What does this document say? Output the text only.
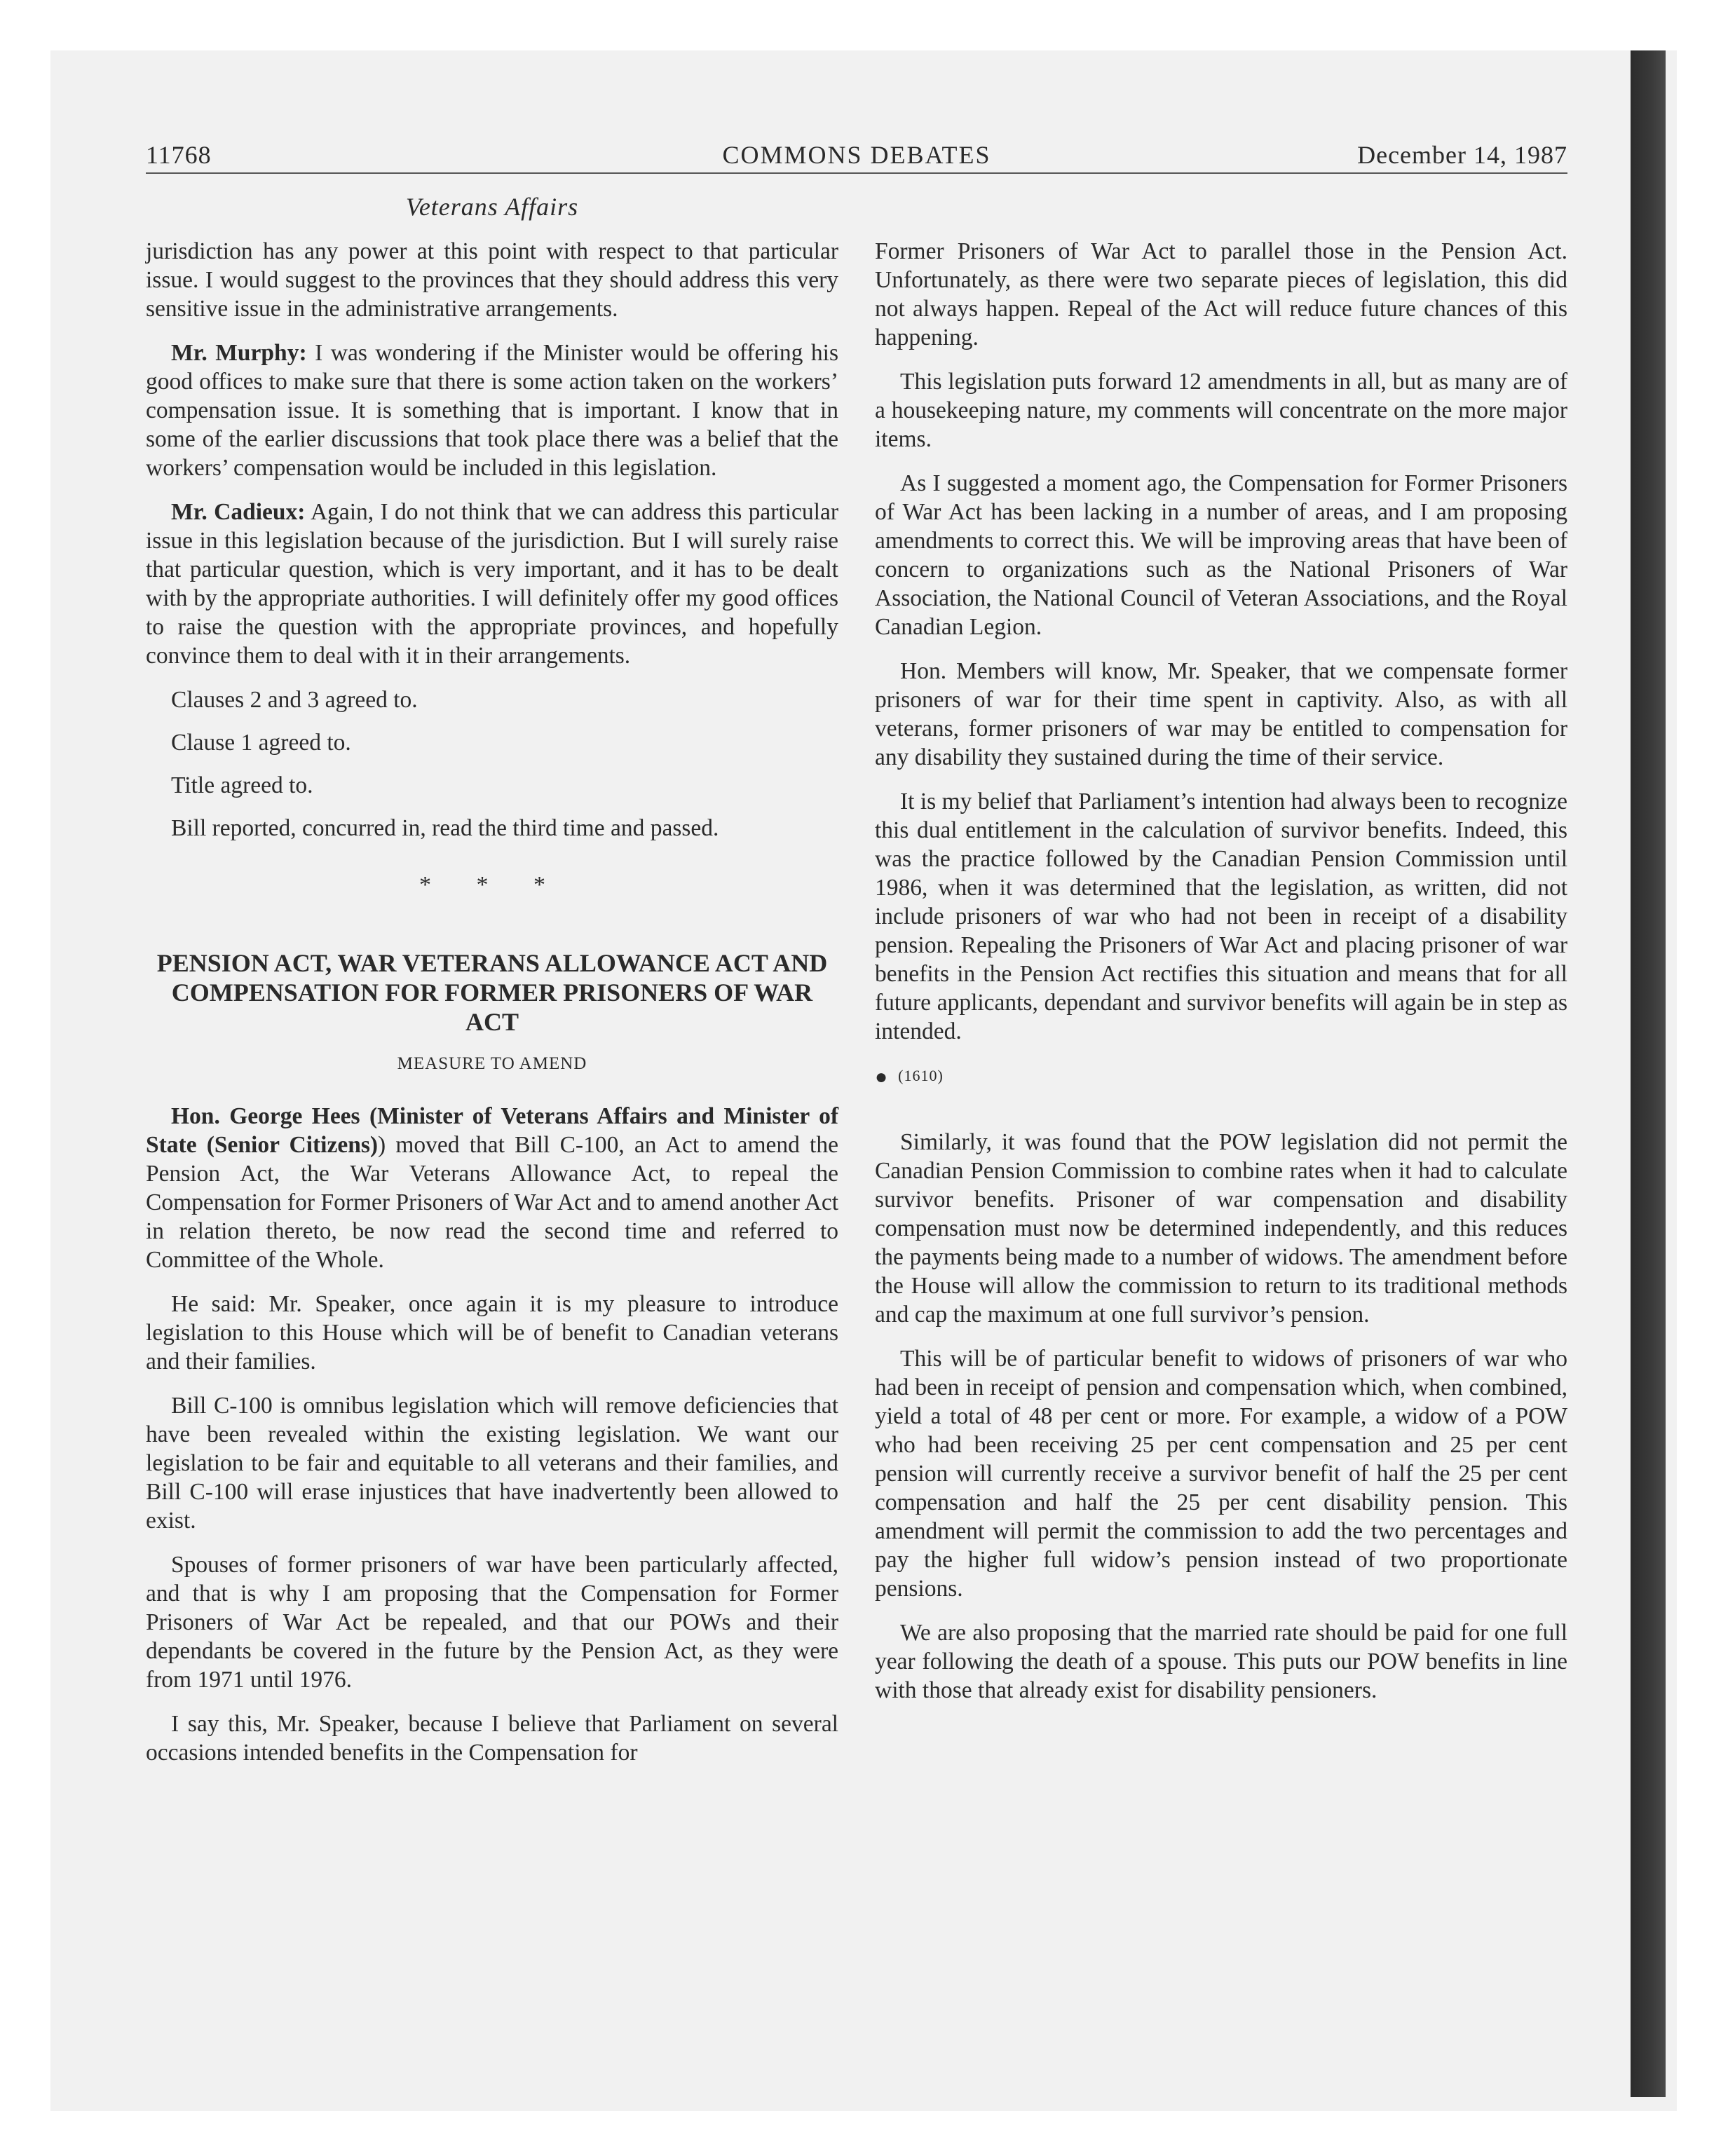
11768	COMMONS DEBATES	December 14, 1987
Veterans Affairs

jurisdiction has any power at this point with respect to that particular issue. I would suggest to the provinces that they should address this very sensitive issue in the administrative arrangements.

Mr. Murphy: I was wondering if the Minister would be offering his good offices to make sure that there is some action taken on the workers’ compensation issue. It is something that is important. I know that in some of the earlier discussions that took place there was a belief that the workers’ compensation would be included in this legislation.

Mr. Cadieux: Again, I do not think that we can address this particular issue in this legislation because of the jurisdiction. But I will surely raise that particular question, which is very important, and it has to be dealt with by the appropriate authorities. I will definitely offer my good offices to raise the question with the appropriate provinces, and hopefully convince them to deal with it in their arrangements.

Clauses 2 and 3 agreed to.

Clause 1 agreed to.

Title agreed to.

Bill reported, concurred in, read the third time and passed.

* * *
PENSION ACT, WAR VETERANS ALLOWANCE ACT AND COMPENSATION FOR FORMER PRISONERS OF WAR ACT
MEASURE TO AMEND

Hon. George Hees (Minister of Veterans Affairs and Minister of State (Senior Citizens)) moved that Bill C-100, an Act to amend the Pension Act, the War Veterans Allowance Act, to repeal the Compensation for Former Prisoners of War Act and to amend another Act in relation thereto, be now read the second time and referred to Committee of the Whole.

He said: Mr. Speaker, once again it is my pleasure to introduce legislation to this House which will be of benefit to Canadian veterans and their families.

Bill C-100 is omnibus legislation which will remove deficiencies that have been revealed within the existing legislation. We want our legislation to be fair and equitable to all veterans and their families, and Bill C-100 will erase injustices that have inadvertently been allowed to exist.

Spouses of former prisoners of war have been particularly affected, and that is why I am proposing that the Compensation for Former Prisoners of War Act be repealed, and that our POWs and their dependants be covered in the future by the Pension Act, as they were from 1971 until 1976.

I say this, Mr. Speaker, because I believe that Parliament on several occasions intended benefits in the Compensation for

Former Prisoners of War Act to parallel those in the Pension Act. Unfortunately, as there were two separate pieces of legislation, this did not always happen. Repeal of the Act will reduce future chances of this happening.

This legislation puts forward 12 amendments in all, but as many are of a housekeeping nature, my comments will concentrate on the more major items.

As I suggested a moment ago, the Compensation for Former Prisoners of War Act has been lacking in a number of areas, and I am proposing amendments to correct this. We will be improving areas that have been of concern to organizations such as the National Prisoners of War Association, the National Council of Veteran Associations, and the Royal Canadian Legion.

Hon. Members will know, Mr. Speaker, that we compensate former prisoners of war for their time spent in captivity. Also, as with all veterans, former prisoners of war may be entitled to compensation for any disability they sustained during the time of their service.

It is my belief that Parliament’s intention had always been to recognize this dual entitlement in the calculation of survivor benefits. Indeed, this was the practice followed by the Canadian Pension Commission until 1986, when it was determined that the legislation, as written, did not include prisoners of war who had not been in receipt of a disability pension. Repealing the Prisoners of War Act and placing prisoner of war benefits in the Pension Act rectifies this situation and means that for all future applicants, dependant and survivor benefits will again be in step as intended.

● (1610)

Similarly, it was found that the POW legislation did not permit the Canadian Pension Commission to combine rates when it had to calculate survivor benefits. Prisoner of war compensation and disability compensation must now be determined independently, and this reduces the payments being made to a number of widows. The amendment before the House will allow the commission to return to its traditional methods and cap the maximum at one full survivor’s pension.

This will be of particular benefit to widows of prisoners of war who had been in receipt of pension and compensation which, when combined, yield a total of 48 per cent or more. For example, a widow of a POW who had been receiving 25 per cent compensation and 25 per cent pension will currently receive a survivor benefit of half the 25 per cent compensation and half the 25 per cent disability pension. This amendment will permit the commission to add the two percentages and pay the higher full widow’s pension instead of two proportionate pensions.

We are also proposing that the married rate should be paid for one full year following the death of a spouse. This puts our POW benefits in line with those that already exist for disability pensioners.
